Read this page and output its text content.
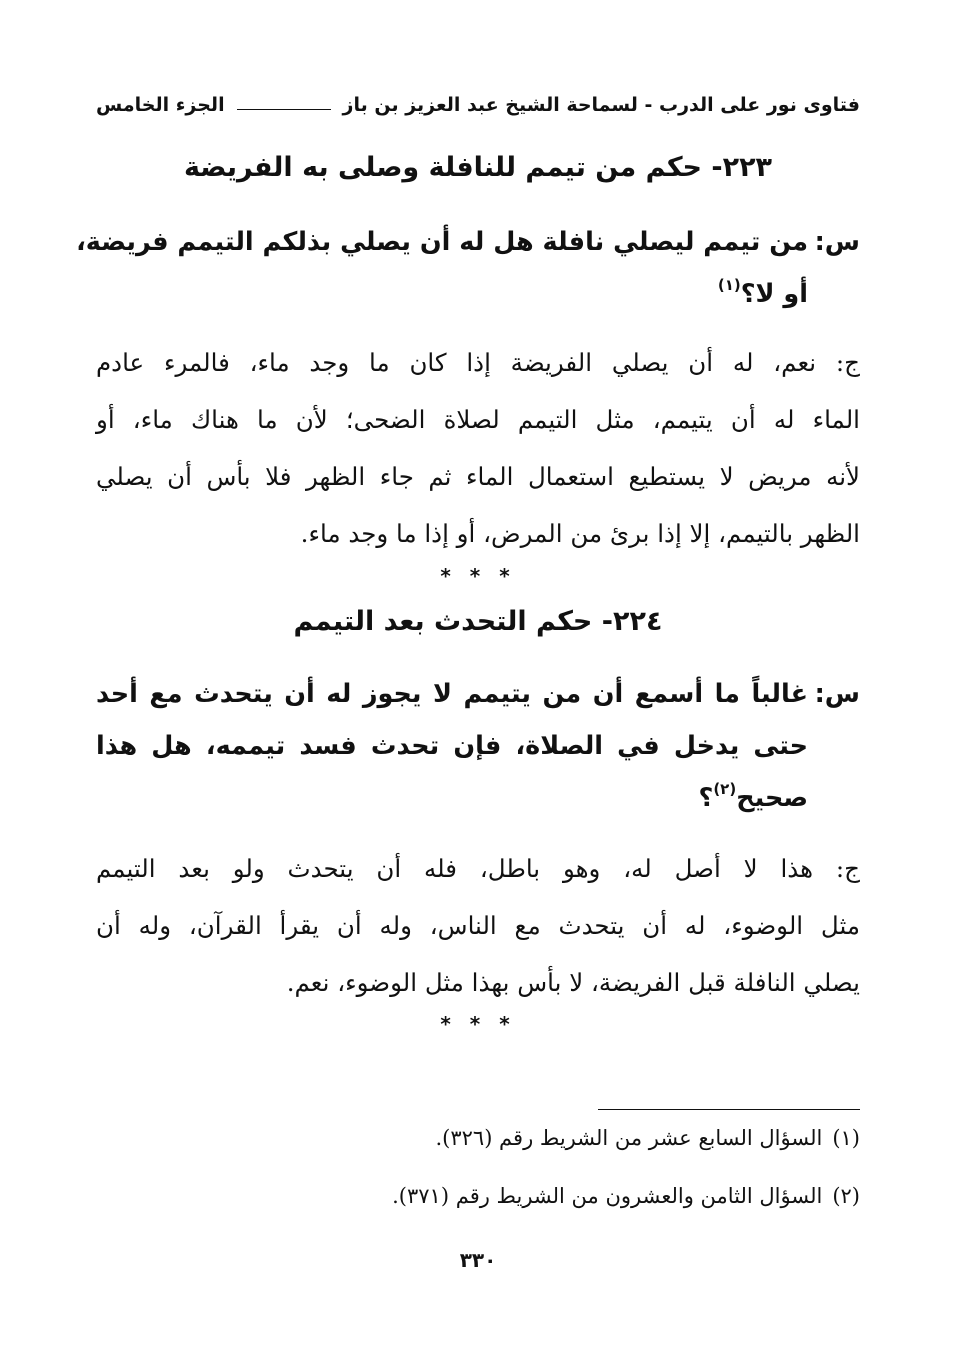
فتاوى نور على الدرب - لسماحة الشيخ عبد العزيز بن باز
الجزء الخامس
٢٢٣- حكم من تيمم للنافلة وصلى به الفريضة
س:
من تيمم ليصلي نافلة هل له أن يصلي بذلكم التيمم فريضة،
أو لا؟$^{(١)}$
ج: نعم، له أن يصلي الفريضة إذا كان ما وجد ماء، فالمرء عادم
الماء له أن يتيمم، مثل التيمم لصلاة الضحى؛ لأن ما هناك ماء، أو
لأنه مريض لا يستطيع استعمال الماء ثم جاء الظهر فلا بأس أن يصلي
الظهر بالتيمم، إلا إذا برئ من المرض، أو إذا ما وجد ماء.
* * *
٢٢٤- حكم التحدث بعد التيمم
س:
غالباً ما أسمع أن من يتيمم لا يجوز له أن يتحدث مع أحد
حتى يدخل في الصلاة، فإن تحدث فسد تيممه، هل هذا
صحيح$^{(٢)}$؟
ج: هذا لا أصل له، وهو باطل، فله أن يتحدث ولو بعد التيمم
مثل الوضوء، له أن يتحدث مع الناس، وله أن يقرأ القرآن، وله أن
يصلي النافلة قبل الفريضة، لا بأس بهذا مثل الوضوء، نعم.
* * *
(١)السؤال السابع عشر من الشريط رقم (٣٢٦).
(٢)السؤال الثامن والعشرون من الشريط رقم (٣٧١).
٣٣٠
